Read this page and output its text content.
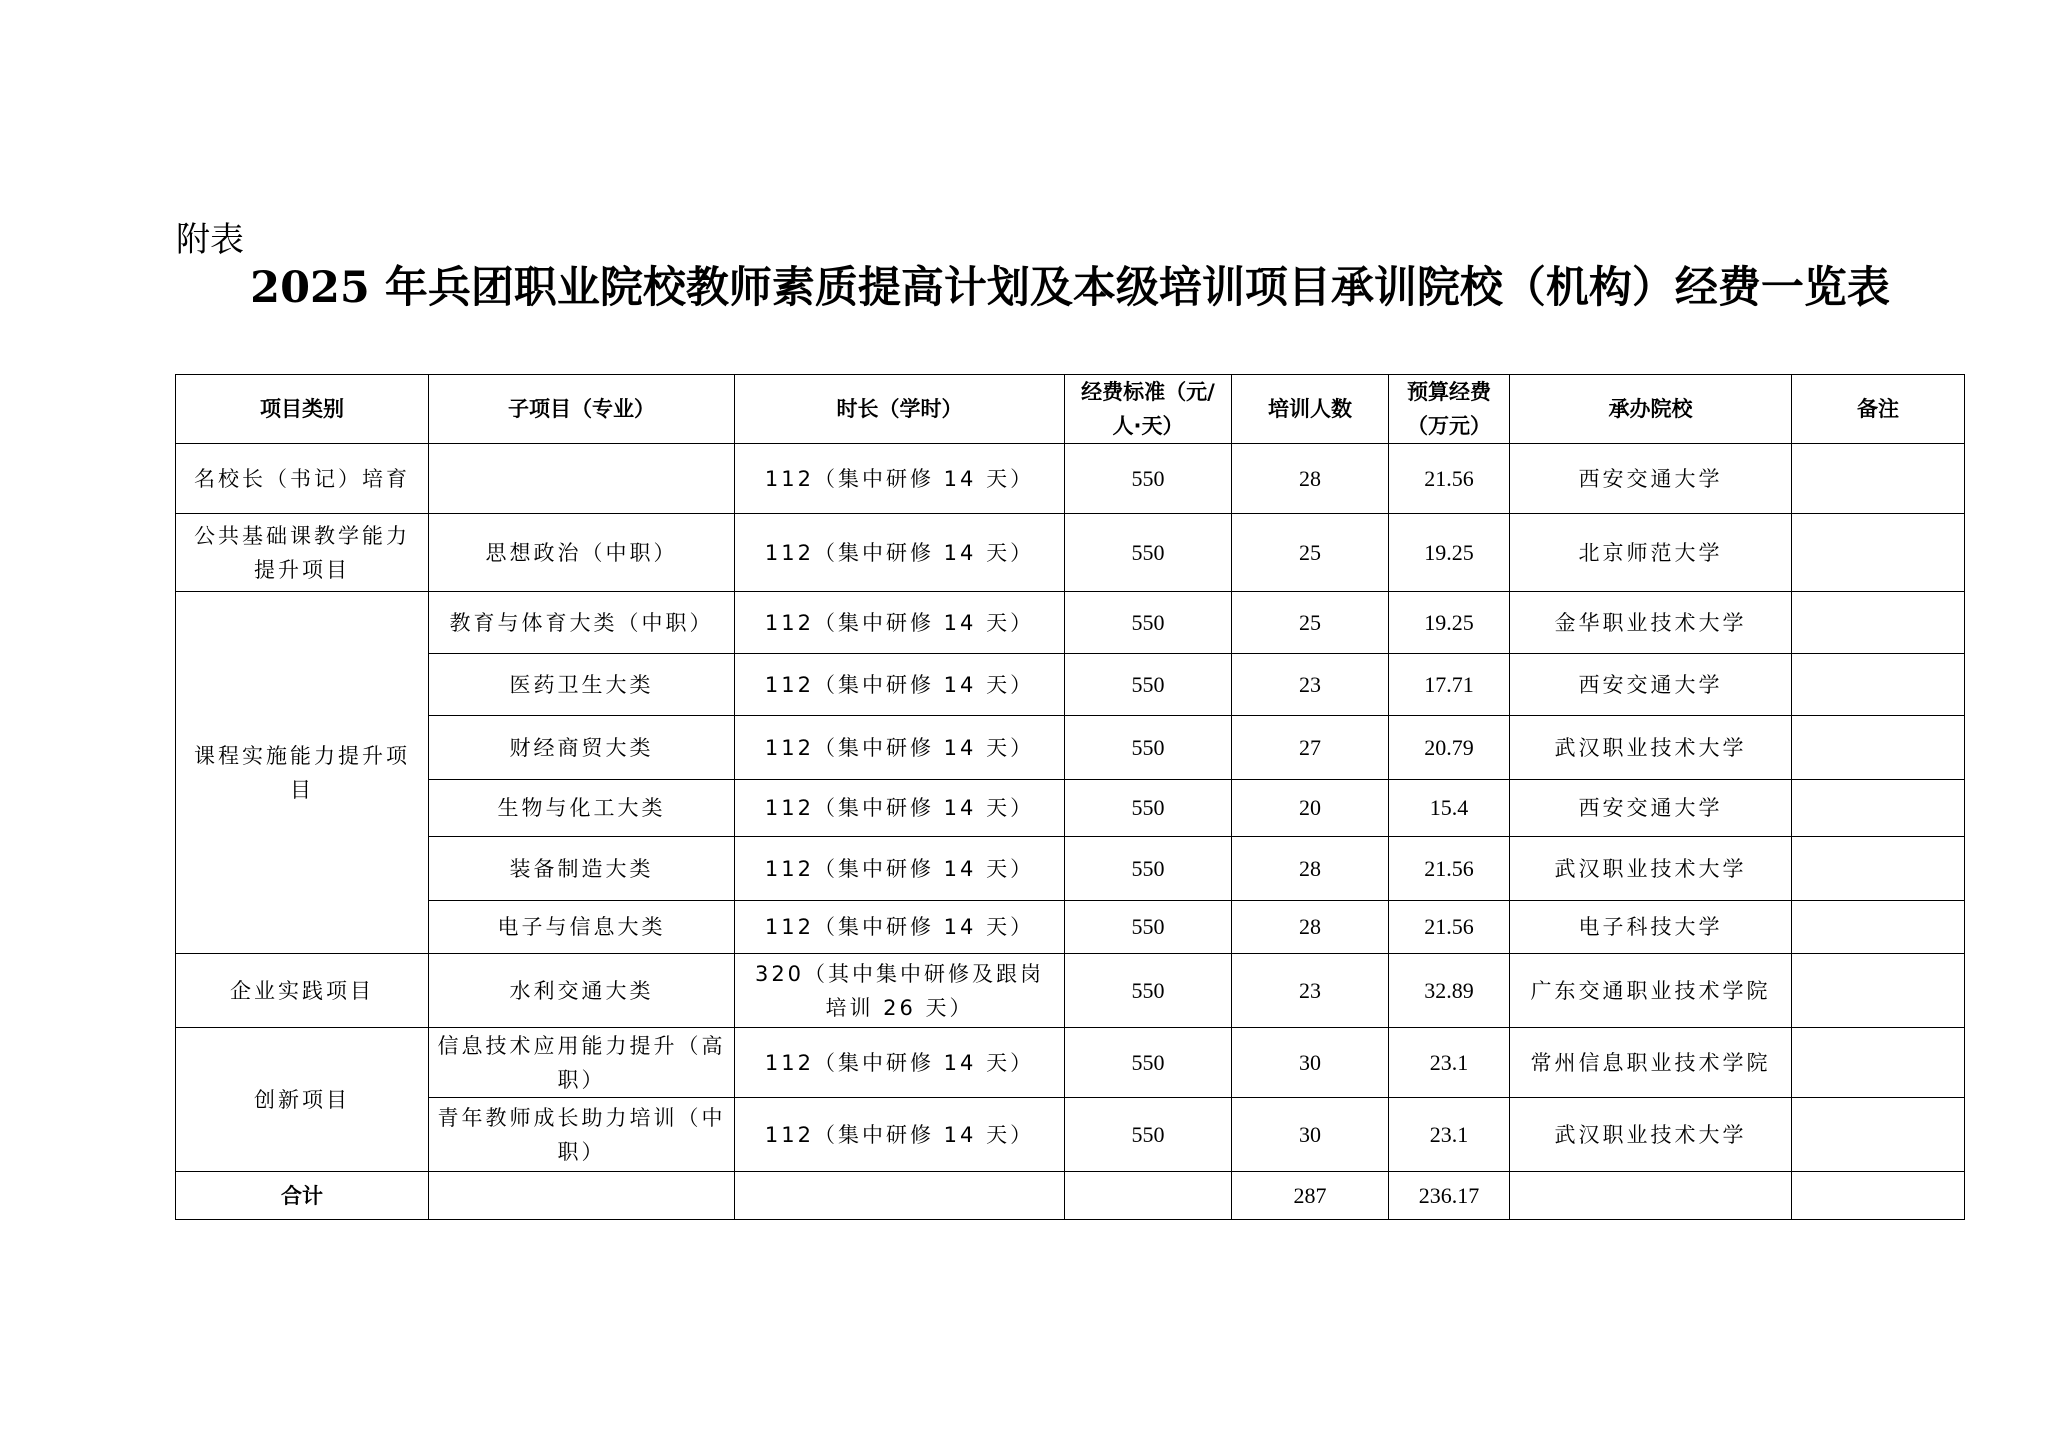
附表
2025 年兵团职业院校教师素质提高计划及本级培训项目承训院校（机构）经费一览表
项目类别	子项目（专业）	时长（学时）	经费标准（元/人·天）	培训人数	预算经费（万元）	承办院校	备注
名校长（书记）培育		112（集中研修 14 天）	550	28	21.56	西安交通大学	
公共基础课教学能力提升项目	思想政治（中职）	112（集中研修 14 天）	550	25	19.25	北京师范大学	
课程实施能力提升项目	教育与体育大类（中职）	112（集中研修 14 天）	550	25	19.25	金华职业技术大学	
	医药卫生大类	112（集中研修 14 天）	550	23	17.71	西安交通大学	
	财经商贸大类	112（集中研修 14 天）	550	27	20.79	武汉职业技术大学	
	生物与化工大类	112（集中研修 14 天）	550	20	15.4	西安交通大学	
	装备制造大类	112（集中研修 14 天）	550	28	21.56	武汉职业技术大学	
	电子与信息大类	112（集中研修 14 天）	550	28	21.56	电子科技大学	
企业实践项目	水利交通大类	320（其中集中研修及跟岗培训 26 天）	550	23	32.89	广东交通职业技术学院	
创新项目	信息技术应用能力提升（高职）	112（集中研修 14 天）	550	30	23.1	常州信息职业技术学院	
	青年教师成长助力培训（中职）	112（集中研修 14 天）	550	30	23.1	武汉职业技术大学	
合计				287	236.17		
